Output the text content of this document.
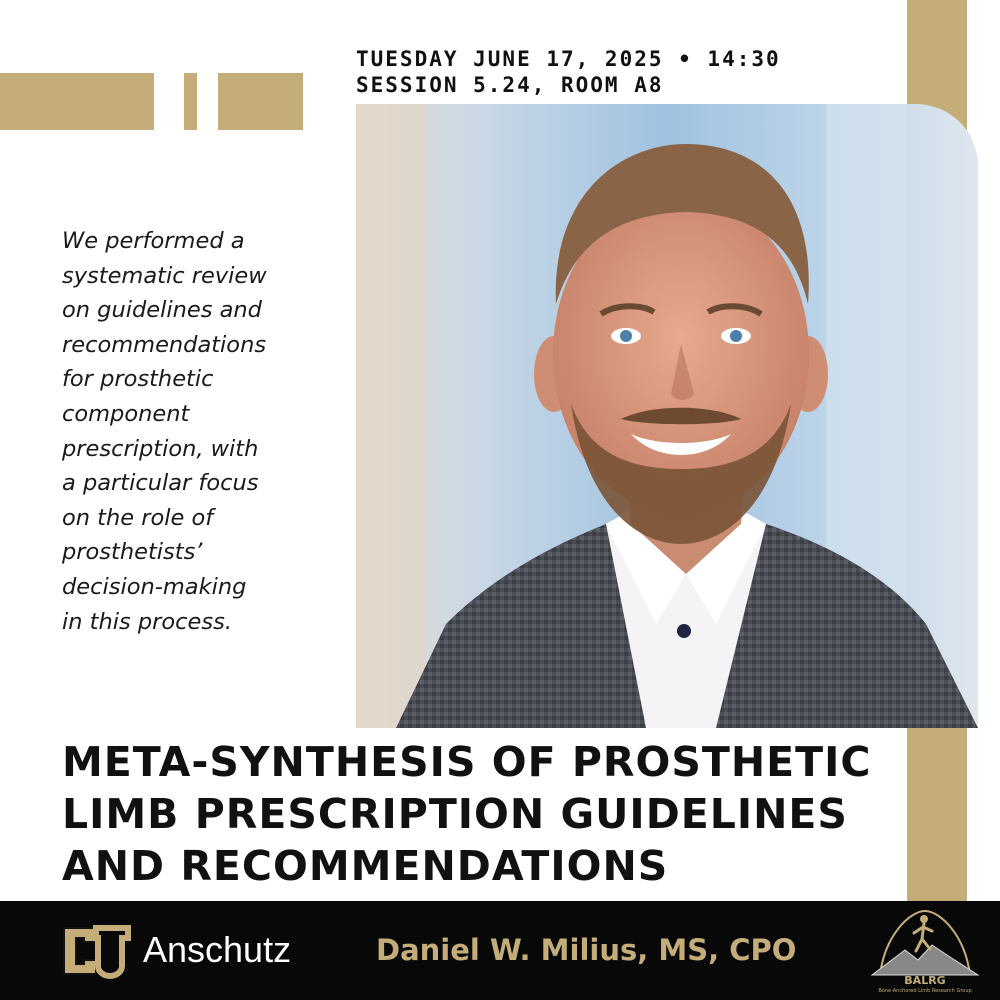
TUESDAY JUNE 17, 2025 • 14:30
SESSION 5.24, ROOM A8
We performed a
systematic review
on guidelines and
recommendations
for prosthetic
component
prescription, with
a particular focus
on the role of
prosthetists’
decision-making
in this process.
META-SYNTHESIS OF PROSTHETIC
LIMB PRESCRIPTION GUIDELINES
AND RECOMMENDATIONS
Anschutz	Daniel W. Milius, MS, CPO
BALRG
Bone-Anchored Limb Research Group
